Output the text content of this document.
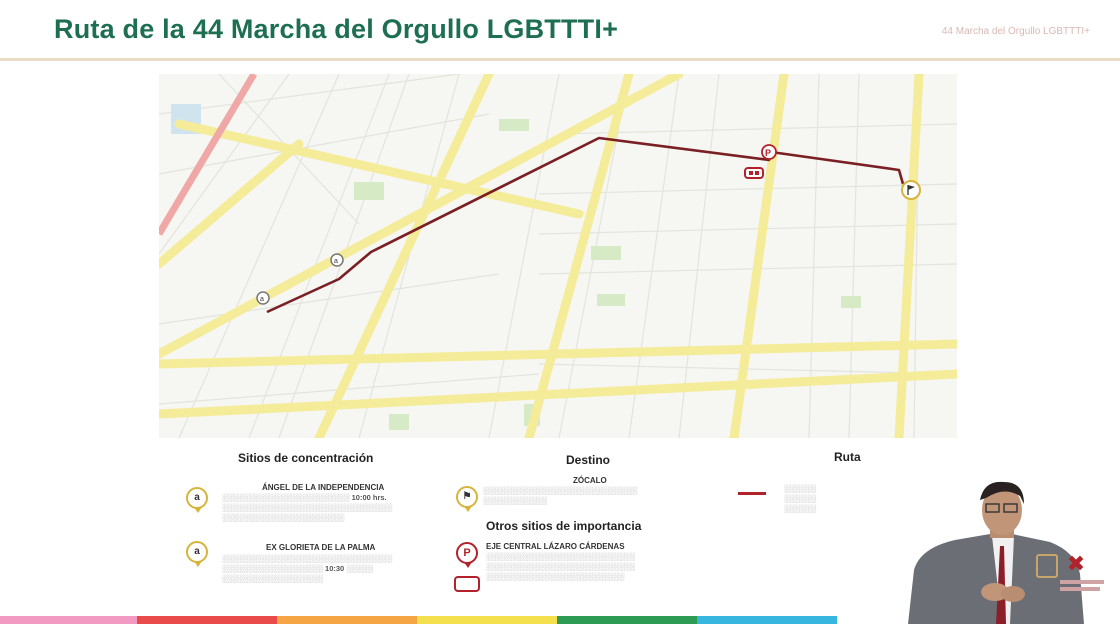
Ruta de la 44 Marcha del Orgullo LGBTTTI+	44 Marcha del Orgullo LGBTTTI+
a
a
P
Sitios de concentración
a
ÁNGEL DE LA INDEPENDENCIA
░░░░░░░░░░░░░░░░░░░░░░░░ 10:00 hrs.
░░░░░░░░░░░░░░░░░░░░░░░░░░░░░░░░
░░░░░░░░░░░░░░░░░░░░░░░
a	EX GLORIETA DE LA PALMA
░░░░░░░░░░░░░░░░░░░░░░░░░░░░░░░░
░░░░░░░░░░░░░░░░░░░ 10:30 ░░░░░
░░░░░░░░░░░░░░░░░░░
Destino
⚑
ZÓCALO
░░░░░░░░░░░░░░░░░░░░░░░░░░░░░
░░░░░░░░░░░░
Otros sitios de importancia
P
EJE CENTRAL LÁZARO CÁRDENAS
░░░░░░░░░░░░░░░░░░░░░░░░░░░░
░░░░░░░░░░░░░░░░░░░░░░░░░░░░
░░░░░░░░░░░░░░░░░░░░░░░░░░
Ruta
░░░░░░
░░░░░░
░░░░░░
✖
